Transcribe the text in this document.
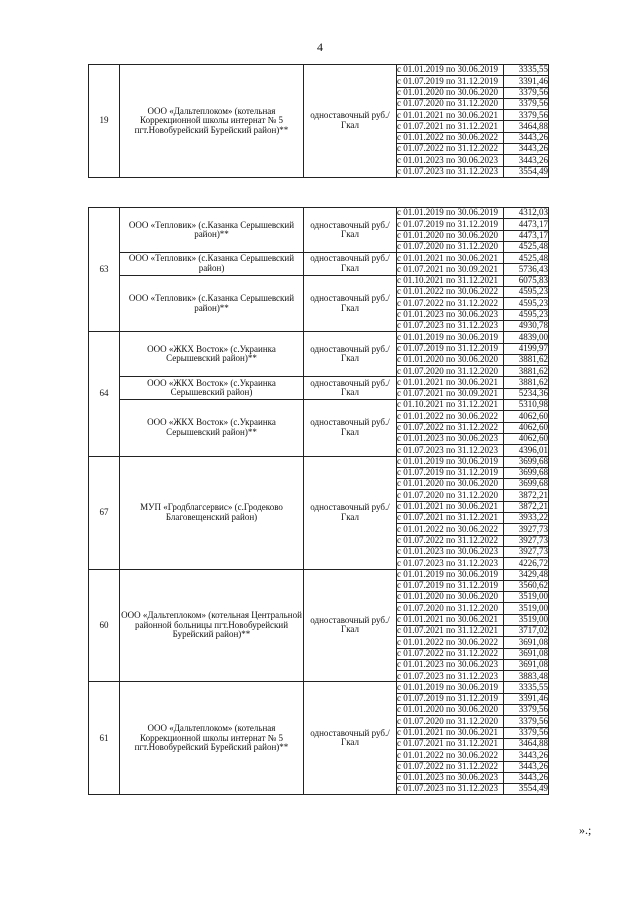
4
19	ООО «Дальтеплоком» (котельная Коррекционной школы интернат № 5 пгт.Новобурейский Бурейский район)**	одноставочный руб./Гкал	с 01.01.2019 по 30.06.2019	3335,55
			с 01.07.2019 по 31.12.2019	3391,46
			с 01.01.2020 по 30.06.2020	3379,56
			с 01.07.2020 по 31.12.2020	3379,56
			с 01.01.2021 по 30.06.2021	3379,56
			с 01.07.2021 по 31.12.2021	3464,88
			с 01.01.2022 по 30.06.2022	3443,26
			с 01.07.2022 по 31.12.2022	3443,26
			с 01.01.2023 по 30.06.2023	3443,26
			с 01.07.2023 по 31.12.2023	3554,49
63	ООО «Тепловик» (с.Казанка Серышевский район)**	одноставочный руб./Гкал	с 01.01.2019 по 30.06.2019	4312,03
			с 01.07.2019 по 31.12.2019	4473,17
			с 01.01.2020 по 30.06.2020	4473,17
			с 01.07.2020 по 31.12.2020	4525,48
	ООО «Тепловик» (с.Казанка Серышевский район)	одноставочный руб./Гкал	с 01.01.2021 по 30.06.2021	4525,48
			с 01.07.2021 по 30.09.2021	5736,43
	ООО «Тепловик» (с.Казанка Серышевский район)**	одноставочный руб./Гкал	с 01.10.2021 по 31.12.2021	6075,83
			с 01.01.2022 по 30.06.2022	4595,23
			с 01.07.2022 по 31.12.2022	4595,23
			с 01.01.2023 по 30.06.2023	4595,23
			с 01.07.2023 по 31.12.2023	4930,78
64	ООО «ЖКХ Восток» (с.Украинка Серышевский район)**	одноставочный руб./Гкал	с 01.01.2019 по 30.06.2019	4839,00
			с 01.07.2019 по 31.12.2019	4199,97
			с 01.01.2020 по 30.06.2020	3881,62
			с 01.07.2020 по 31.12.2020	3881,62
	ООО «ЖКХ Восток» (с.Украинка Серышевский район)	одноставочный руб./Гкал	с 01.01.2021 по 30.06.2021	3881,62
			с 01.07.2021 по 30.09.2021	5234,36
	ООО «ЖКХ Восток» (с.Украинка Серышевский район)**	одноставочный руб./Гкал	с 01.10.2021 по 31.12.2021	5310,98
			с 01.01.2022 по 30.06.2022	4062,60
			с 01.07.2022 по 31.12.2022	4062,60
			с 01.01.2023 по 30.06.2023	4062,60
			с 01.07.2023 по 31.12.2023	4396,01
67	МУП «Гродблагсервис» (с.Гродеково Благовещенский район)	одноставочный руб./Гкал	с 01.01.2019 по 30.06.2019	3699,68
			с 01.07.2019 по 31.12.2019	3699,68
			с 01.01.2020 по 30.06.2020	3699,68
			с 01.07.2020 по 31.12.2020	3872,21
			с 01.01.2021 по 30.06.2021	3872,21
			с 01.07.2021 по 31.12.2021	3933,22
			с 01.01.2022 по 30.06.2022	3927,73
			с 01.07.2022 по 31.12.2022	3927,73
			с 01.01.2023 по 30.06.2023	3927,73
			с 01.07.2023 по 31.12.2023	4226,72
60	ООО «Дальтеплоком» (котельная Центральной районной больницы пгт.Новобурейский Бурейский район)**	одноставочный руб./Гкал	с 01.01.2019 по 30.06.2019	3429,48
			с 01.07.2019 по 31.12.2019	3560,62
			с 01.01.2020 по 30.06.2020	3519,00
			с 01.07.2020 по 31.12.2020	3519,00
			с 01.01.2021 по 30.06.2021	3519,00
			с 01.07.2021 по 31.12.2021	3717,02
			с 01.01.2022 по 30.06.2022	3691,08
			с 01.07.2022 по 31.12.2022	3691,08
			с 01.01.2023 по 30.06.2023	3691,08
			с 01.07.2023 по 31.12.2023	3883,48
61	ООО «Дальтеплоком» (котельная Коррекционной школы интернат № 5 пгт.Новобурейский Бурейский район)**	одноставочный руб./Гкал	с 01.01.2019 по 30.06.2019	3335,55
			с 01.07.2019 по 31.12.2019	3391,46
			с 01.01.2020 по 30.06.2020	3379,56
			с 01.07.2020 по 31.12.2020	3379,56
			с 01.01.2021 по 30.06.2021	3379,56
			с 01.07.2021 по 31.12.2021	3464,88
			с 01.01.2022 по 30.06.2022	3443,26
			с 01.07.2022 по 31.12.2022	3443,26
			с 01.01.2023 по 30.06.2023	3443,26
			с 01.07.2023 по 31.12.2023	3554,49
».;
